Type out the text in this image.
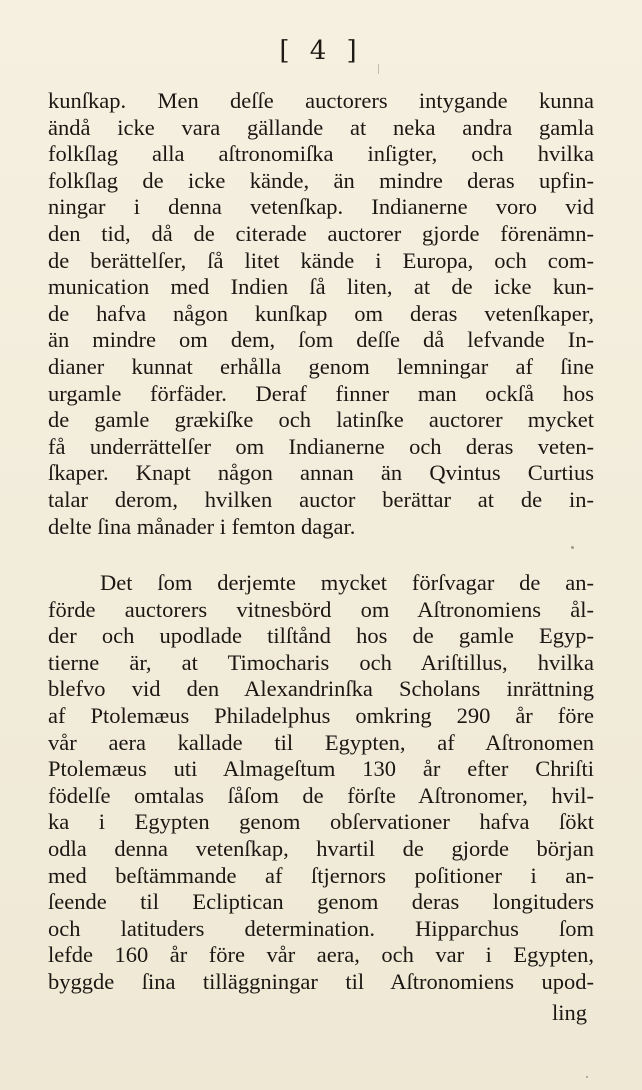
[ 4 ]
kunſkap. Men deſſe auctorers intygande kunna
ändå icke vara gällande at neka andra gamla
folkſlag alla aſtronomiſka inſigter, och hvilka
folkſlag de icke kände, än mindre deras upfin-
ningar i denna vetenſkap. Indianerne voro vid
den tid, då de citerade auctorer gjorde förenämn-
de berättelſer, ſå litet kände i Europa, och com-
munication med Indien ſå liten, at de icke kun-
de hafva någon kunſkap om deras vetenſkaper,
än mindre om dem, ſom deſſe då lefvande In-
dianer kunnat erhålla genom lemningar af ſine
urgamle förfäder. Deraf finner man ockſå hos
de gamle grækiſke och latinſke auctorer mycket
få underrättelſer om Indianerne och deras veten-
ſkaper. Knapt någon annan än Qvintus Curtius
talar derom, hvilken auctor berättar at de in-
delte ſina månader i femton dagar.
Det ſom derjemte mycket förſvagar de an-
förde auctorers vitnesbörd om Aſtronomiens ål-
der och upodlade tilſtånd hos de gamle Egyp-
tierne är, at Timocharis och Ariſtillus, hvilka
blefvo vid den Alexandrinſka Scholans inrättning
af Ptolemæus Philadelphus omkring 290 år före
vår aera kallade til Egypten, af Aſtronomen
Ptolemæus uti Almageſtum 130 år efter Chriſti
födelſe omtalas ſåſom de förſte Aſtronomer, hvil-
ka i Egypten genom obſervationer hafva ſökt
odla denna vetenſkap, hvartil de gjorde början
med beſtämmande af ſtjernors poſitioner i an-
ſeende til Ecliptican genom deras longituders
och latituders determination. Hipparchus ſom
lefde 160 år före vår aera, och var i Egypten,
byggde ſina tilläggningar til Aſtronomiens upod-
ling
